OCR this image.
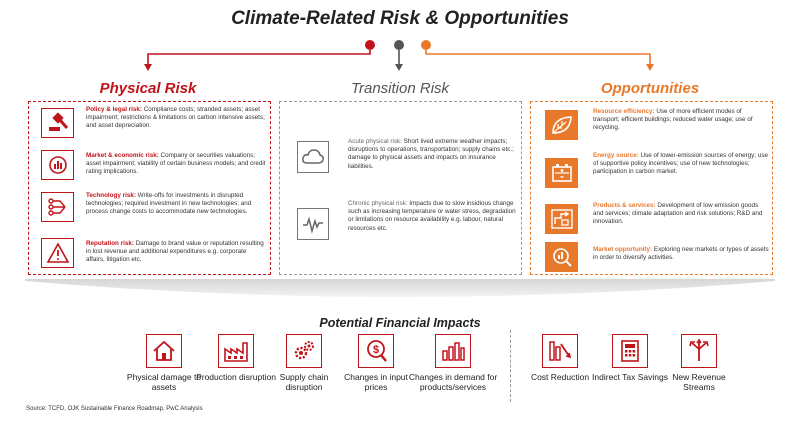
Climate-Related Risk & Opportunities
Physical Risk	Transition Risk	Opportunities
Policy & legal risk: Compliance costs; stranded assets; asset impairment; restrictions & limitations on carbon intensive assets; and asset depreciation.
Market & economic risk: Company or securities valuations; asset impairment; viability of certain business models; and credit rating implications.
Technology risk: Write-offs for investments in disrupted technologies; required investment in new technologies; and process change costs to accommodate new technologies.
Reputation risk: Damage to brand value or reputation resulting in lost revenue and additional expenditures e.g. corporate affairs, litigation etc.
Acute physical risk: Short lived extreme weather impacts; disruptions to operations, transportation; supply chains etc.; damage to physical assets and impacts on insurance liabilities.
Chronic physical risk: Impacts due to slow insidious change such as increasing temperature or water stress, degradation or limitations on resource availability e.g. labour, natural resources etc.
Resource efficiency: Use of more efficient modes of transport; efficient buildings; reduced water usage; use of recycling.
Energy source: Use of lower-emission sources of energy; use of supportive policy incentives; use of new technologies; participation in carbon market.
Products & services: Development of low emission goods and services; climate adaptation and risk solutions; R&D and innovation.
Market opportunity: Exploring new markets or types of assets in order to diversify activities.
Potential Financial Impacts
Physical damage to assets
Production disruption Supply chain disruption
$
Changes in input prices
Changes in demand for products/services
Cost Reduction Indirect Tax Savings New Revenue Streams
Source: TCFD, OJK Sustainable Finance Roadmap, PwC Analysis
